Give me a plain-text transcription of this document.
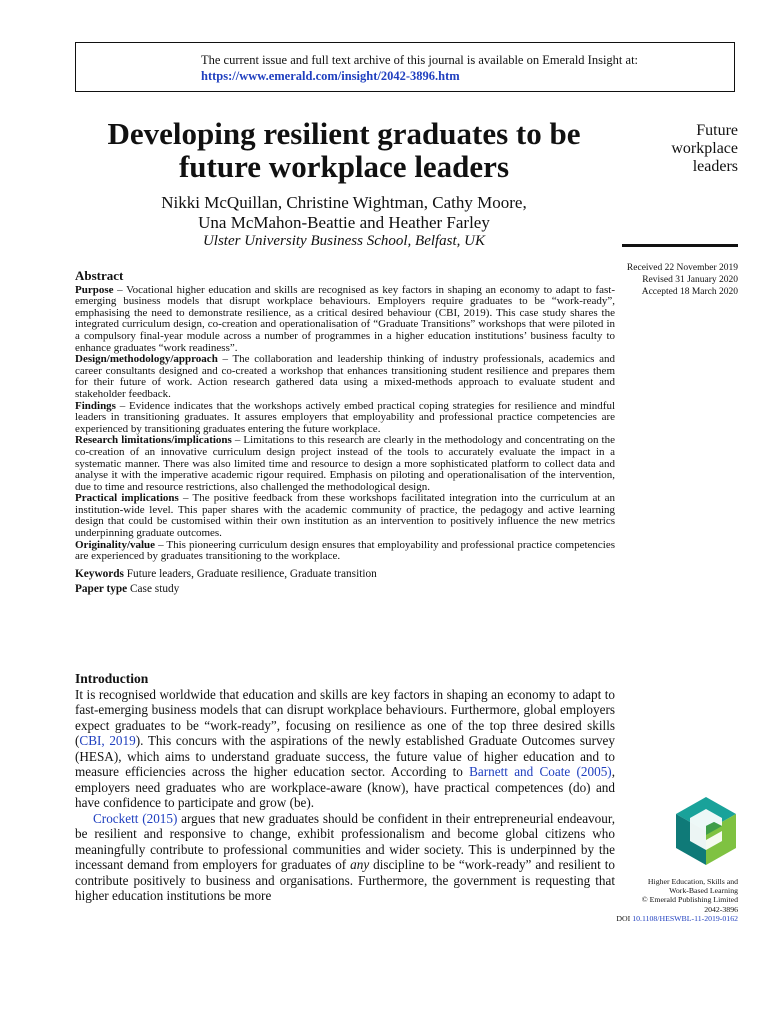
The current issue and full text archive of this journal is available on Emerald Insight at:
https://www.emerald.com/insight/2042-3896.htm
Developing resilient graduates to be future workplace leaders
Nikki McQuillan, Christine Wightman, Cathy Moore,
Una McMahon-Beattie and Heather Farley
Ulster University Business School, Belfast, UK
Future
workplace
leaders
Received 22 November 2019
Revised 31 January 2020
Accepted 18 March 2020
Abstract

Purpose – Vocational higher education and skills are recognised as key factors in shaping an economy to adapt to fast-emerging business models that disrupt workplace behaviours. Employers require graduates to be “work-ready”, emphasising the need to demonstrate resilience, as a critical desired behaviour (CBI, 2019). This case study shares the integrated curriculum design, co-creation and operationalisation of “Graduate Transitions” workshops that were piloted in a compulsory final-year module across a number of programmes in a higher education institutions’ business faculty to enhance graduates “work readiness”.

Design/methodology/approach – The collaboration and leadership thinking of industry professionals, academics and career consultants designed and co-created a workshop that enhances transitioning student resilience and prepares them for their future of work. Action research gathered data using a mixed-methods approach to evaluate student and stakeholder feedback.

Findings – Evidence indicates that the workshops actively embed practical coping strategies for resilience and mindful leaders in transitioning graduates. It assures employers that employability and professional practice competencies are experienced by transitioning graduates entering the future workplace.

Research limitations/implications – Limitations to this research are clearly in the methodology and concentrating on the co-creation of an innovative curriculum design project instead of the tools to accurately evaluate the impact in a systematic manner. There was also limited time and resource to design a more sophisticated platform to collect data and analyse it with the imperative academic rigour required. Emphasis on piloting and operationalisation of the intervention, due to time and resource restrictions, also challenged the methodological design.

Practical implications – The positive feedback from these workshops facilitated integration into the curriculum at an institution-wide level. This paper shares with the academic community of practice, the pedagogy and active learning design that could be customised within their own institution as an intervention to positively influence the new metrics underpinning graduate outcomes.

Originality/value – This pioneering curriculum design ensures that employability and professional practice competencies are experienced by graduates transitioning to the workplace.

Keywords Future leaders, Graduate resilience, Graduate transition

Paper type Case study

Introduction

It is recognised worldwide that education and skills are key factors in shaping an economy to adapt to fast-emerging business models that can disrupt workplace behaviours. Furthermore, global employers expect graduates to be “work-ready”, focusing on resilience as one of the top three desired skills (CBI, 2019). This concurs with the aspirations of the newly established Graduate Outcomes survey (HESA), which aims to understand graduate success, the future value of higher education and to measure efficiencies across the higher education sector. According to Barnett and Coate (2005), employers need graduates who are workplace-aware (know), have practical competences (do) and have confidence to participate and grow (be).

Crockett (2015) argues that new graduates should be confident in their entrepreneurial endeavour, be resilient and responsive to change, exhibit professionalism and become global citizens who meaningfully contribute to professional communities and wider society. This is underpinned by the incessant demand from employers for graduates of any discipline to be “work-ready” and resilient to contribute positively to business and organisations. Furthermore, the government is requesting that higher education institutions be more

Higher Education, Skills and
Work-Based Learning
© Emerald Publishing Limited
2042-3896
DOI 10.1108/HESWBL-11-2019-0162
